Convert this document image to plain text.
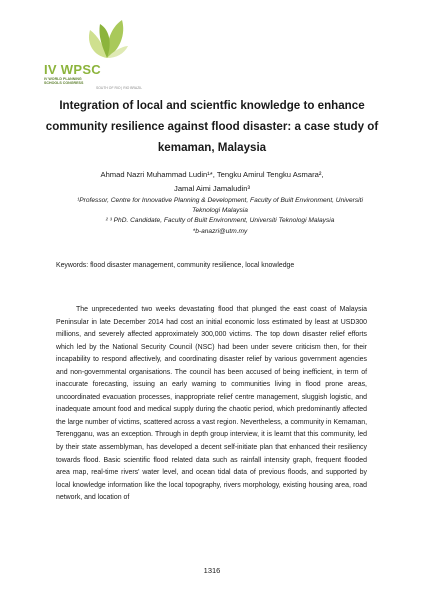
IV WPSC
IV WORLD PLANNING SCHOOLS CONGRESS
SOUTH OF RIO | RIO BRAZIL
Integration of local and scientfic knowledge to enhance community resilience against flood disaster: a case study of kemaman, Malaysia
Ahmad Nazri Muhammad Ludin¹*, Tengku Amirul Tengku Asmara²,
Jamal Aimi Jamaludin³

¹Professor, Centre for Innovative Planning & Development, Faculty of Built Environment, Universiti Teknologi Malaysia

² ³ PhD. Candidate, Faculty of Built Environment, Universiti Teknologi Malaysia

*b-anazri@utm.my

Keywords: flood disaster management, community resilience, local knowledge

The unprecedented two weeks devastating flood that plunged the east coast of Malaysia Peninsular in late December 2014 had cost an initial economic loss estimated by least at USD300 millions, and severely affected approximately 300,000 victims. The top down disaster relief efforts which led by the National Security Council (NSC) had been under severe criticism then, for their incapability to respond affectively, and coordinating disaster relief by various government agencies and non-governmental organisations. The council has been accused of being inefficient, in term of inaccurate forecasting, issuing an early warning to communities living in flood prone areas, uncoordinated evacuation processes, inappropriate relief centre management, sluggish logistic, and inadequate amount food and medical supply during the chaotic period, which predominantly affected the large number of victims, scattered across a vast region. Nevertheless, a community in Kemaman, Terengganu, was an exception. Through in depth group interview, it is learnt that this community, led by their state assemblyman, has developed a decent self-initiate plan that enhanced their resiliency towards flood. Basic scientific flood related data such as rainfall intensity graph, frequent flooded area map, real-time rivers' water level, and ocean tidal data of previous floods, and supported by local knowledge information like the local topography, rivers morphology, existing housing area, road network, and location of

1316
